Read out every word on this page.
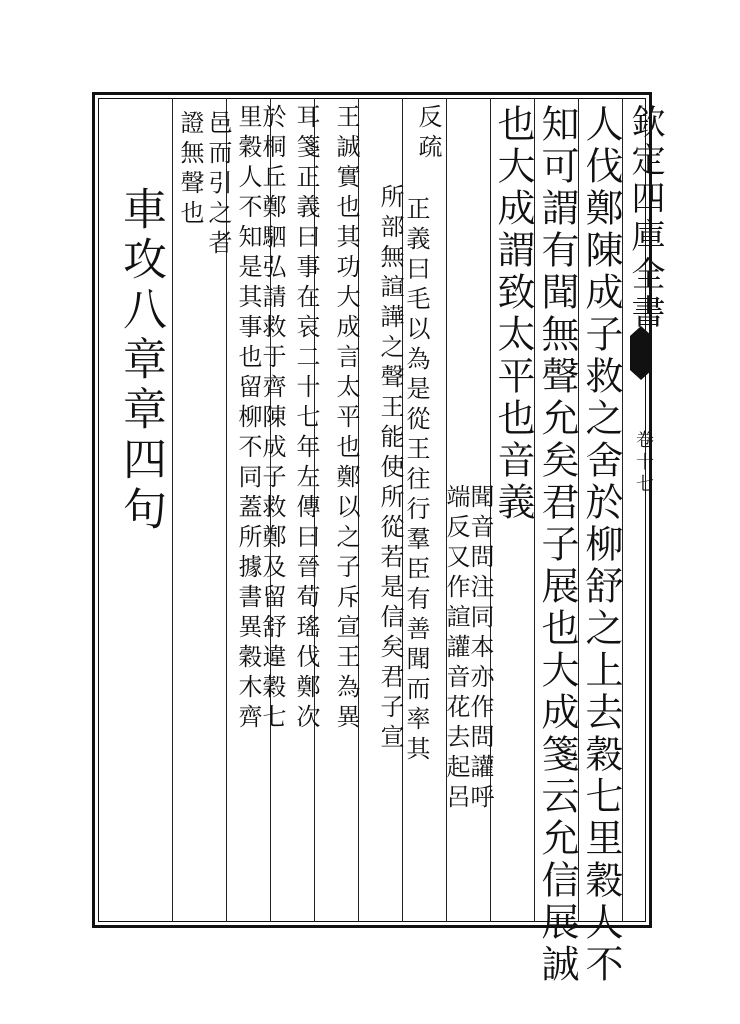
欽定四庫全書
卷十七
人伐鄭陳成子救之舍於柳舒之上去穀七里穀人不
知可謂有聞無聲允矣君子展也大成箋云允信展誠
也大成謂致太平也音義
聞音問注同本亦作問讙呼
端反又作諠讙音花去起呂
反疏
正義曰毛以為是從王往行羣臣有善聞而率其
所部無諠譁之聲王能使所從若是信矣君子宣
王誠實也其功大成言太平也鄭以之子斥宣王為異
耳箋正義曰事在哀二十七年左傳曰晉荀瑤伐鄭次
於桐丘鄭駟弘請救于齊陳成子救鄭及留舒違穀七
里穀人不知是其事也留柳不同蓋所據書異穀木齊
邑而引之者
證無聲也
車攻八章章四句
